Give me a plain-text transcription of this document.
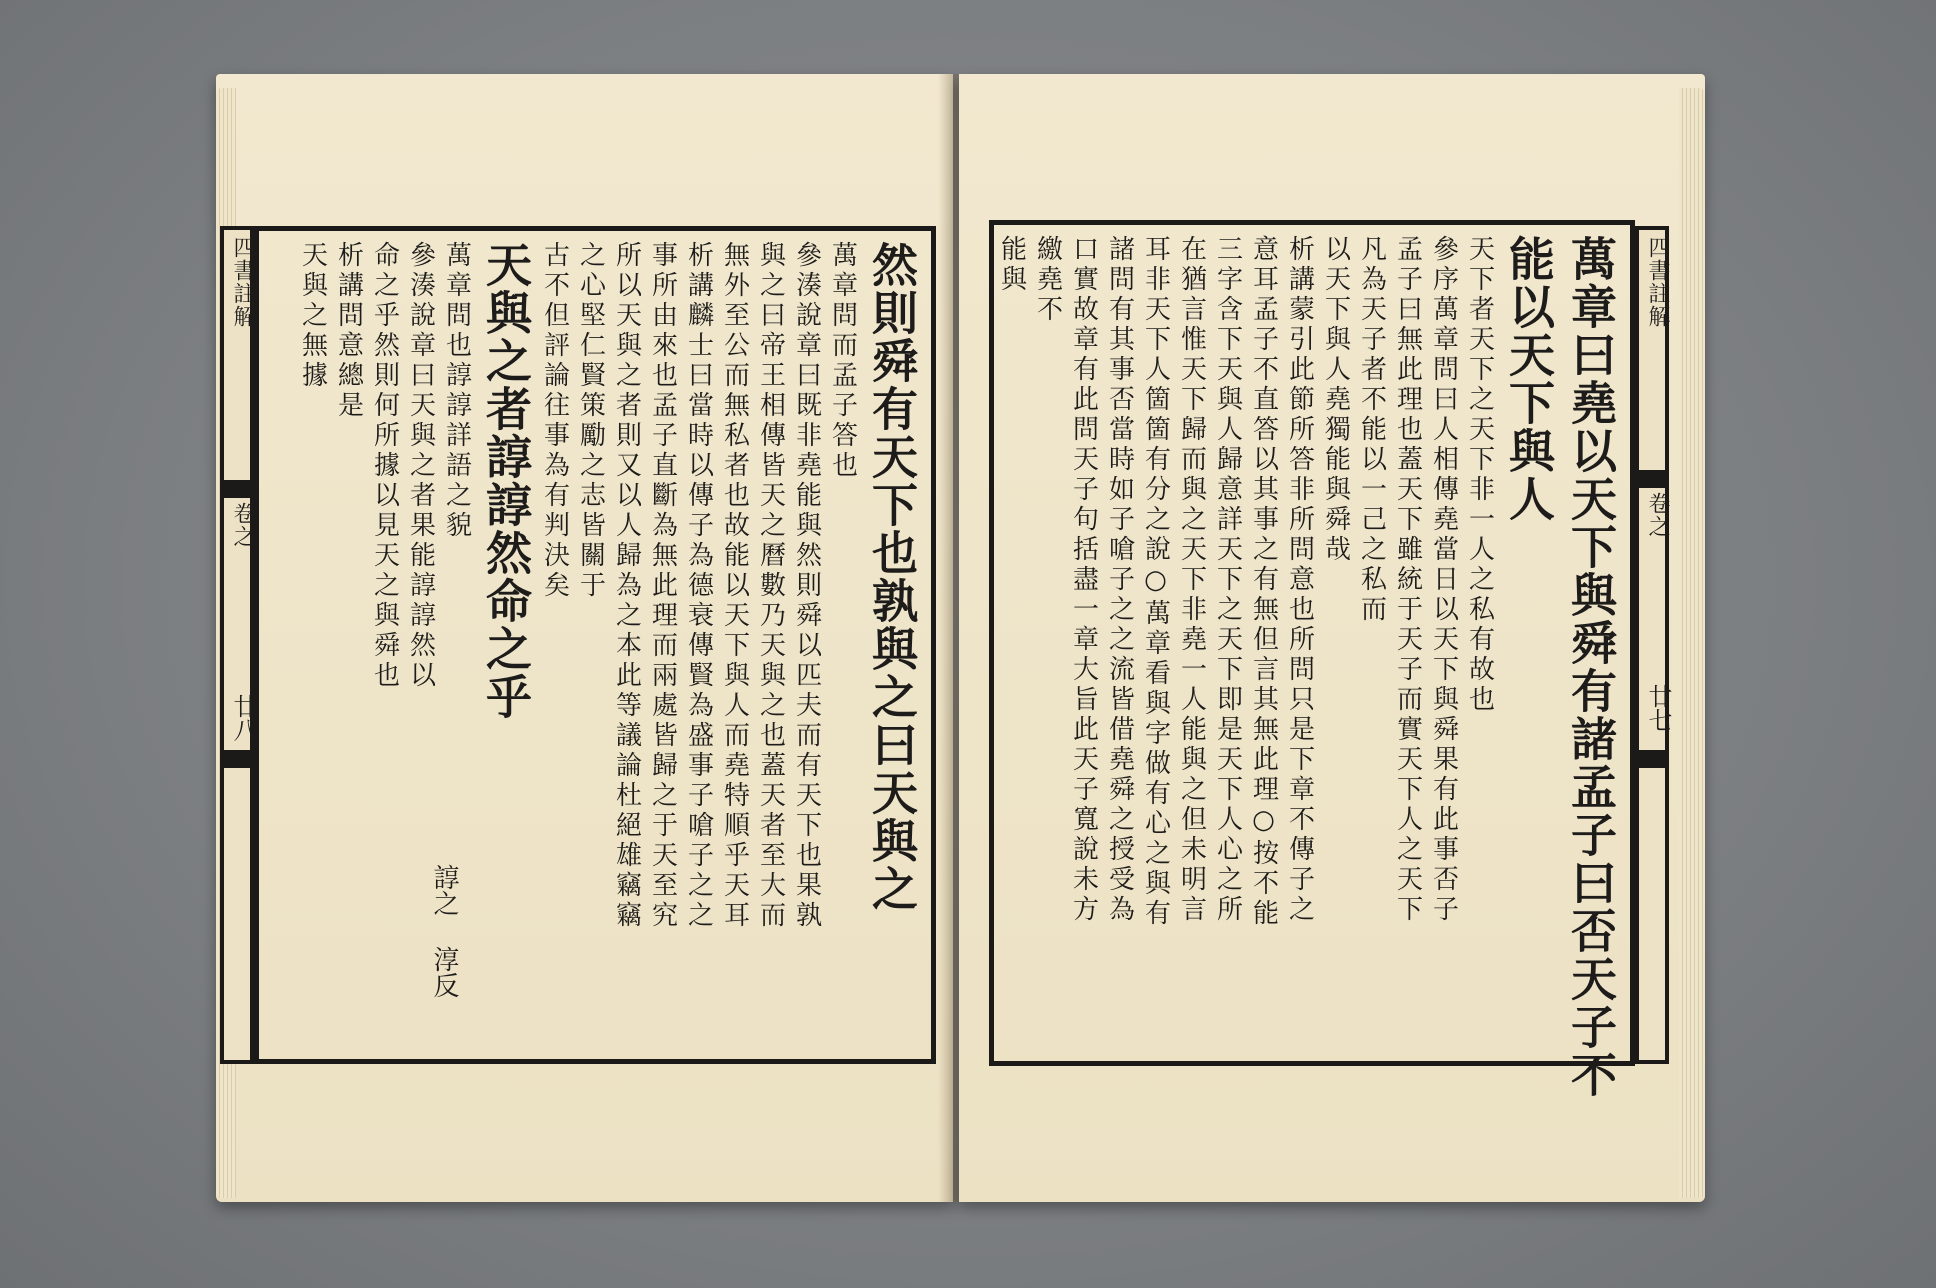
四書註解
卷之	然則舜有天下也孰與之曰天與之
萬章問而孟子答也
參湊說章曰既非堯能與然則舜以匹夫而有天下也果孰
與之曰帝王相傳皆天之曆數乃天與之也蓋天者至大而
無外至公而無私者也故能以天下與人而堯特順乎天耳
析講麟士曰當時以傳子為德衰傳賢為盛事子嗆子之之
事所由來也孟子直斷為無此理而兩處皆歸之于天至究
所以天與之者則又以人歸為之本此等議論杜絕雄竊竊
之心堅仁賢策勵之志皆關于
古不但評論往事為有判決矣
天與之者諄諄然命之乎
萬章問也諄諄詳語之貌
參湊說章曰天與之者果能諄諄然以
命之乎然則何所據以見天之與舜也
析講問意總是
天與之無據
廿八
諄之 淳反
四書註解
卷之
萬章曰堯以天下與舜有諸孟子曰否天子不
能以天下與人
天下者天下之天下非一人之私有故也
參序萬章問曰人相傳堯當日以天下與舜果有此事否子
孟子曰無此理也蓋天下雖統于天子而實天下人之天下
凡為天子者不能以一己之私而
以天下與人堯獨能與舜哉
析講蒙引此節所答非所問意也所問只是下章不傳子之
意耳孟子不直答以其事之有無但言其無此理○按不能
三字含下天與人歸意詳天下之天下即是天下人心之所
在猶言惟天下歸而與之天下非堯一人能與之但未明言
耳非天下人箇箇有分之說○萬章看與字做有心之與有
諸問有其事否當時如子嗆子之之流皆借堯舜之授受為
口實故章有此問天子句括盡一章大旨此天子寬說未方
繳堯不
能與
廿七
